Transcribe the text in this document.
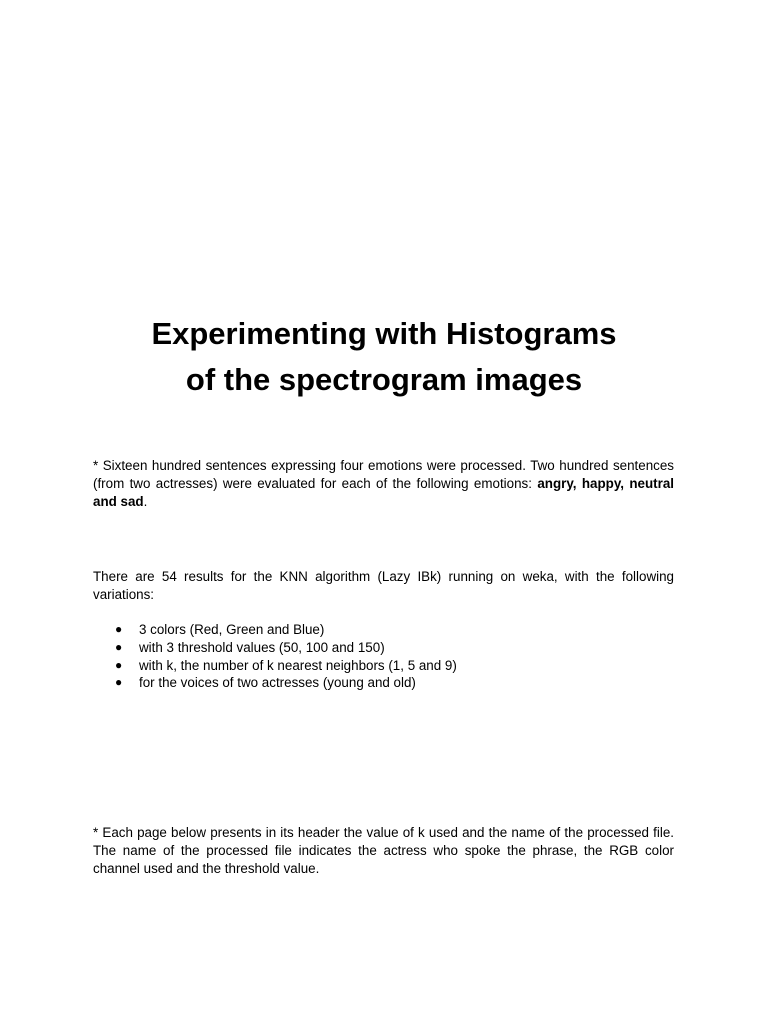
Experimenting with Histograms
of the spectrogram images

* Sixteen hundred sentences expressing four emotions were processed. Two hundred sentences (from two actresses) were evaluated for each of the following emotions: angry, happy, neutral and sad.

There are 54 results for the KNN algorithm (Lazy IBk) running on weka, with the following variations:

● 3 colors (Red, Green and Blue)
● with 3 threshold values (50, 100 and 150)
● with k, the number of k nearest neighbors (1, 5 and 9)
● for the voices of two actresses (young and old)

* Each page below presents in its header the value of k used and the name of the processed file. The name of the processed file indicates the actress who spoke the phrase, the RGB color channel used and the threshold value.
